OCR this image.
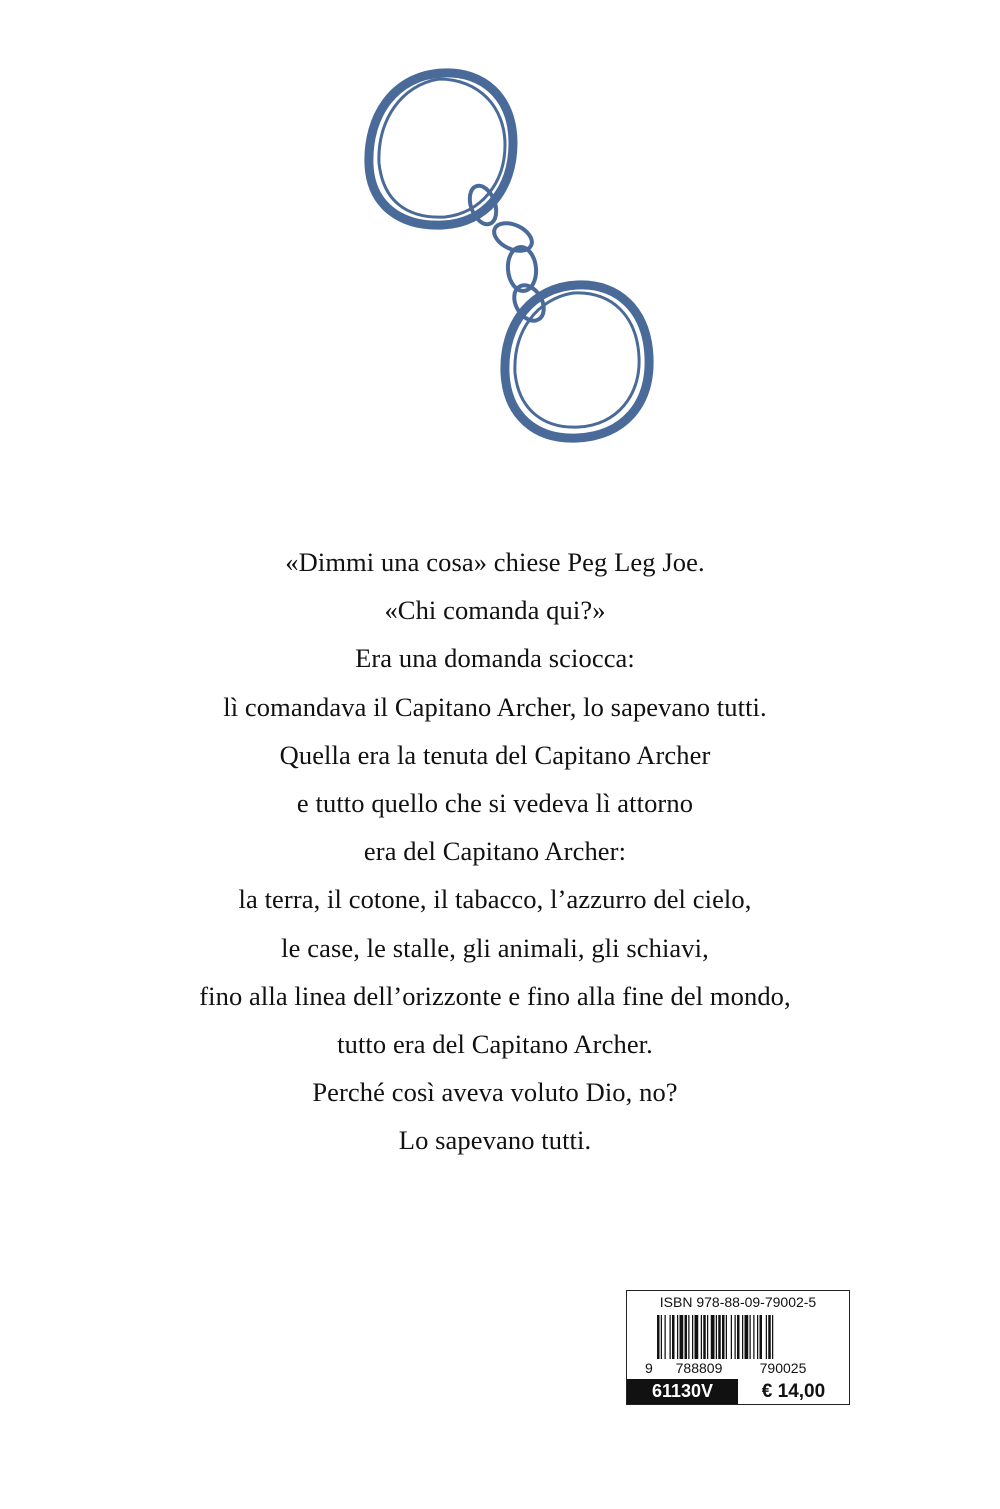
«Dimmi una cosa» chiese Peg Leg Joe.
«Chi comanda qui?»
Era una domanda sciocca:
lì comandava il Capitano Archer, lo sapevano tutti.
Quella era la tenuta del Capitano Archer
e tutto quello che si vedeva lì attorno
era del Capitano Archer:
la terra, il cotone, il tabacco, l’azzurro del cielo,
le case, le stalle, gli animali, gli schiavi,
fino alla linea dell’orizzonte e fino alla fine del mondo,
tutto era del Capitano Archer.
Perché così aveva voluto Dio, no?
Lo sapevano tutti.
ISBN 978-88-09-79002-5
9 788809	790025
61130V	€ 14,00
